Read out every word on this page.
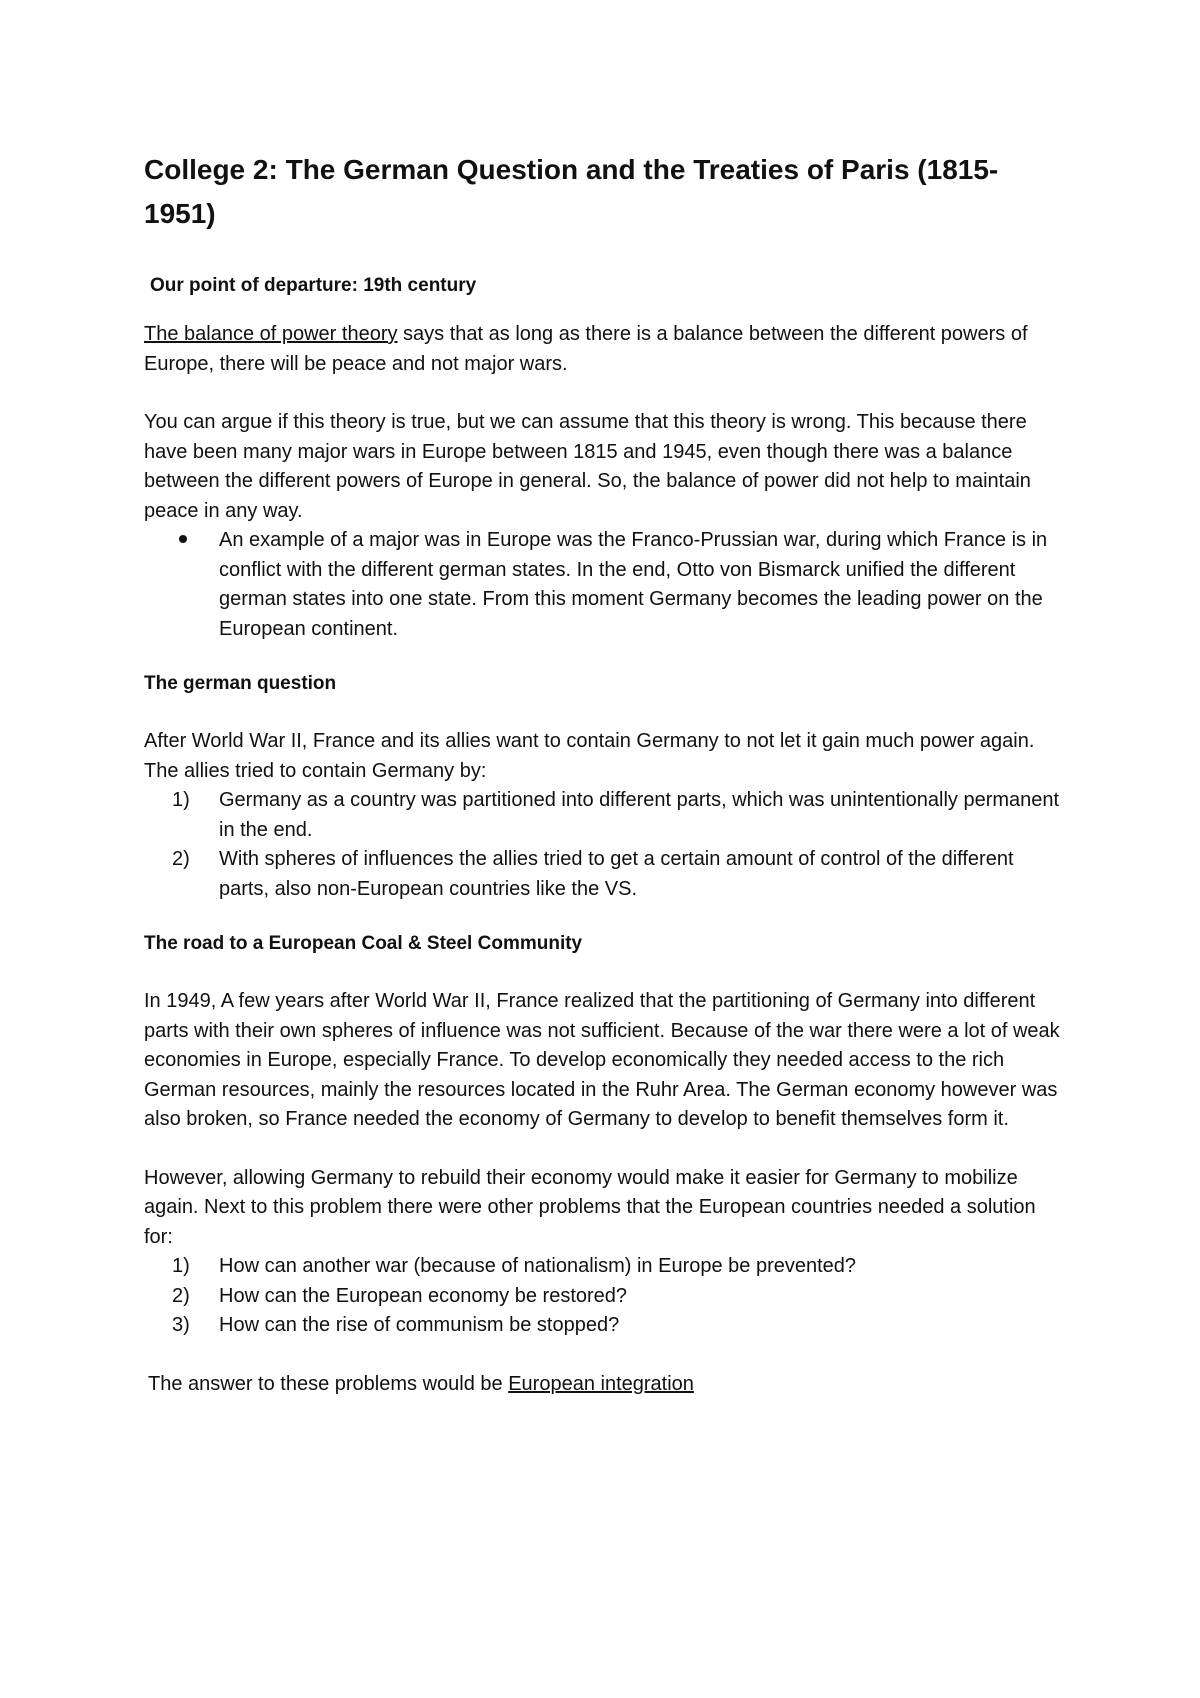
College 2: The German Question and the Treaties of Paris (1815-1951)
Our point of departure: 19th century

The balance of power theory says that as long as there is a balance between the different powers of Europe, there will be peace and not major wars.

You can argue if this theory is true, but we can assume that this theory is wrong. This because there have been many major wars in Europe between 1815 and 1945, even though there was a balance between the different powers of Europe in general. So, the balance of power did not help to maintain peace in any way.

An example of a major was in Europe was the Franco-Prussian war, during which France is in conflict with the different german states. In the end, Otto von Bismarck unified the different german states into one state. From this moment Germany becomes the leading power on the European continent.
The german question

After World War II, France and its allies want to contain Germany to not let it gain much power again. The allies tried to contain Germany by:

1) Germany as a country was partitioned into different parts, which was unintentionally permanent in the end.
2) With spheres of influences the allies tried to get a certain amount of control of the different parts, also non-European countries like the VS.
The road to a European Coal & Steel Community

In 1949, A few years after World War II, France realized that the partitioning of Germany into different parts with their own spheres of influence was not sufficient. Because of the war there were a lot of weak economies in Europe, especially France. To develop economically they needed access to the rich German resources, mainly the resources located in the Ruhr Area. The German economy however was also broken, so France needed the economy of Germany to develop to benefit themselves form it.

However, allowing Germany to rebuild their economy would make it easier for Germany to mobilize again. Next to this problem there were other problems that the European countries needed a solution for:

1) How can another war (because of nationalism) in Europe be prevented?
2) How can the European economy be restored?
3) How can the rise of communism be stopped?

The answer to these problems would be European integration
